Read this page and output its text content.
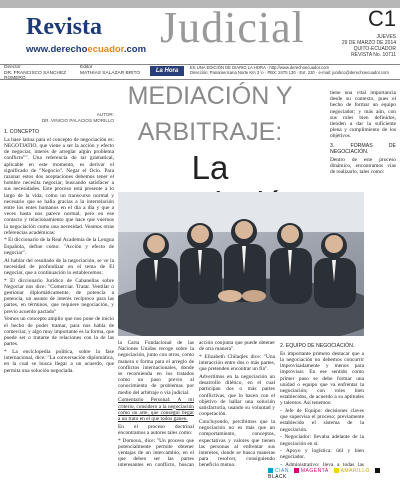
Revista
www.derechoecuador.com Judicial	C1
JUEVES
29 DE MARZO DE 2014
QUITO-ECUADOR
REVISTA No. 10711
Director
DR. FRANCISCO SÁNCHEZ ROMERO
Editor
MATHIAS SALAZAR BRITO	La Hora
ES UNA EDICIÓN DE DIARIO LA HORA - http://www.derechoecuador.com
Dirección: Panamericana Norte Km 3 ½ · PBX: 2475 130 · Ext. 220 · e-mail: juridico@derechoecuador.com
AUTOR:
DR. VINICIO PALACIOS MORILLO

1. CONCEPTO

La base latina para el concepto de negociación es: NEGOTIATIO, que viene a ser la acción y efecto de negociar, interés de arreglar algún problema conflicto"". Una referencia de tal gramatical, aplicable en este momento, es derivar el significado de "Negocio". Negar el Ocio. Para razonar estos dos aceptaciones debemos tener el hombre necesita negociar, buscando satisfacer a sus necesidades. Este proceso está presente a lo largo de la vida, como un transcurso normal y necesario que se halla gracias a la interrelación entre los entes humanos en el día a día y que a veces hasta nos parece normal, pero en ese contacto y relacionamiento que hace que vuernos la negociación como una necesidad. Veamos otras referencias académicas:

* El diccionario de la Real Academia de la Lengua Española, define como: "Acción y efecto de negociar".

Al hablar del resultado de la negociación, se ve la necesidad de profundizar en el tema de El negociar, que a continuación lo establecemos:

* El diccionario Jurídico de Cabanellas sobre Negociar nos dice: "Comerciar. Tratar. Ventilar o gestionar diplomáticamente, de potencia a potencia, un asunto de interés recíproco para las partes, en términos, que requiere negociación, y previo acuerdo pactado"

Vemos un concepto amplio que nos pone de inicio el hecho de poder tramar, para nos habla de comerciar, y algo muy importante es la forma, que puede ser o tratarse de relaciones con la de las partes.

* La enciclopedia política, sobre la fase internacional, dice: "La conversación diplomática, en la cual se busca llegar a un acuerdo, que permita una solución negociada.

MEDIACIÓN Y
ARBITRAJE:
La

la Carta Fundacional de las Naciones Unidas recoge sobre la negociación, junto con otros, como manera o forma para el arreglo de conflictos internacionales, donde se recomienda en los tratados como un paso previo al conocimiento de problemas por medio del arbitraje o vía judicial.

Comentario Personal: A mi criterio, considero a la negociación como un arte, que conseguí llegar a un trato en el que todos ganen.

En el proceso doctrinal encontramos a autores tales como:

* Domoux, dice: "Un proceso que potencialmente permite obtener ventajas de un intercambio, en el que deben ser las partes interesantes en conflicto, buscan

acción conjunta que puede obtener de otra manera".

* Elizabeth Chilaqles dice: "Una interacción entre dos o más partes, que pretenden encontrar un fin".

Advertimos en la negociación un desarrollo dilético, en el cual participan dos o más partes conflictivas, que lo hacen con el objetivo de hallar una solución satisfactoria, usando su voluntad y cooperación.

Concluyendo, percibimos que la negociación no es más que un comportamiento, conceptos, expectativas y valores que tienen las personas al enfrentar sus intereses, donde se busca maneras para resolver, consiguiendo beneficio mutuo.

2. EQUIPO DE NEGOCIACIÓN.

Es importante primero destacar que a la negociación no debemos concurrir improvisadamente y menos para improvisar. En ese sentido como primer paso se debe formar una unidad o equipo que va enfrentar la negociación; con roles bien establecidos, de acuerdo a su aptitudes y talentos. Así tenemos:

- Jefe de Equipo: decisiones claves que supervisa el proceso; previamente establecido el sistema de la negociación.

- Negociador: llevaba adelante de la negociación en sí.

- Apoyo y logística: útil y bien negociador.

- Administrativo: lleva a todas las

tiene una vital importancia desde su contexto, pues el hecho de formar un equipo negociador; y más aún, con sus roles bien definidos, tienden a dar la suficiente plena y cumplimiento de los objetivos.

3. FORMAS DE NEGOCIACIÓN.

Dentro de este proceso dinámico, encontramos vías de realizarlo, tales como:

CIAN MAGENTA AMARILLO BLACK
